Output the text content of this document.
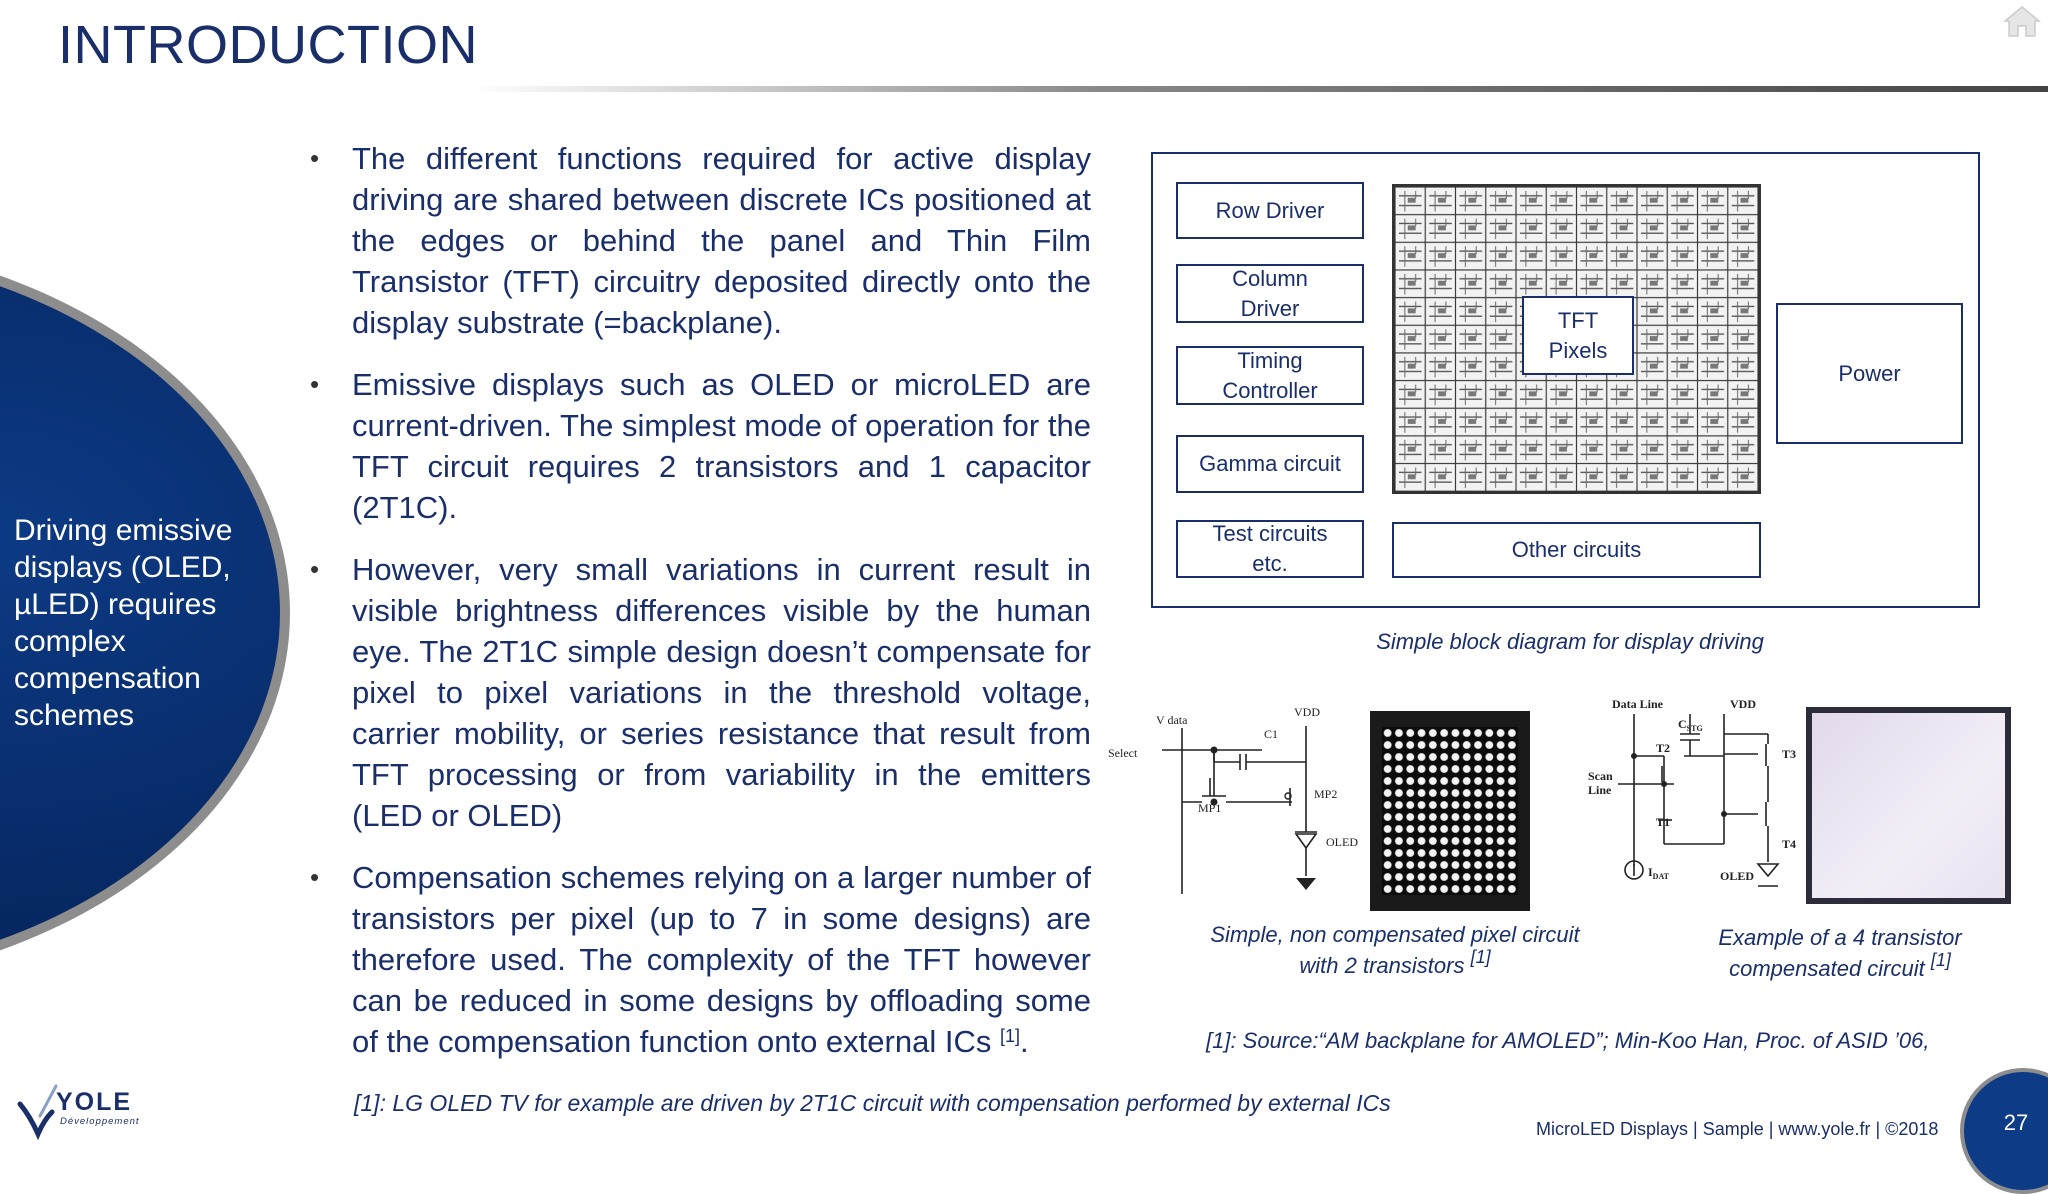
INTRODUCTION
Driving emissive displays (OLED, µLED) requires complex compensation schemes
• The different functions required for active display driving are shared between discrete ICs positioned at the edges or behind the panel and Thin Film Transistor (TFT) circuitry deposited directly onto the display substrate (=backplane).
• Emissive displays such as OLED or microLED are current-driven. The simplest mode of operation for the TFT circuit requires 2 transistors and 1 capacitor (2T1C).
• However, very small variations in current result in visible brightness differences visible by the human eye. The 2T1C simple design doesn’t compensate for pixel to pixel variations in the threshold voltage, carrier mobility, or series resistance that result from TFT processing or from variability in the emitters (LED or OLED)
• Compensation schemes relying on a larger number of transistors per pixel (up to 7 in some designs) are therefore used. The complexity of the TFT however can be reduced in some designs by offloading some of the compensation function onto external ICs [1].
[1]: LG OLED TV for example are driven by 2T1C circuit with compensation performed by external ICs
Row Driver
Column
Driver
Timing
Controller
Gamma circuit
Test circuits
etc.
TFT
Pixels
Power
Other circuits
Simple block diagram for display driving
V data
Select
VDD
C1
MP1
MP2
OLED
Simple, non compensated pixel circuit
with 2 transistors [1]
Data Line	VDD
$C_{STG}$
T2	T3
Scan
Line
T1
T4
$I_{DAT}$	OLED
Example of a 4 transistor
compensated circuit [1]
[1]: Source:“AM backplane for AMOLED”; Min-Koo Han, Proc. of ASID ’06,
YOLE
Développement	MicroLED Displays | Sample | www.yole.fr | ©2018	27
